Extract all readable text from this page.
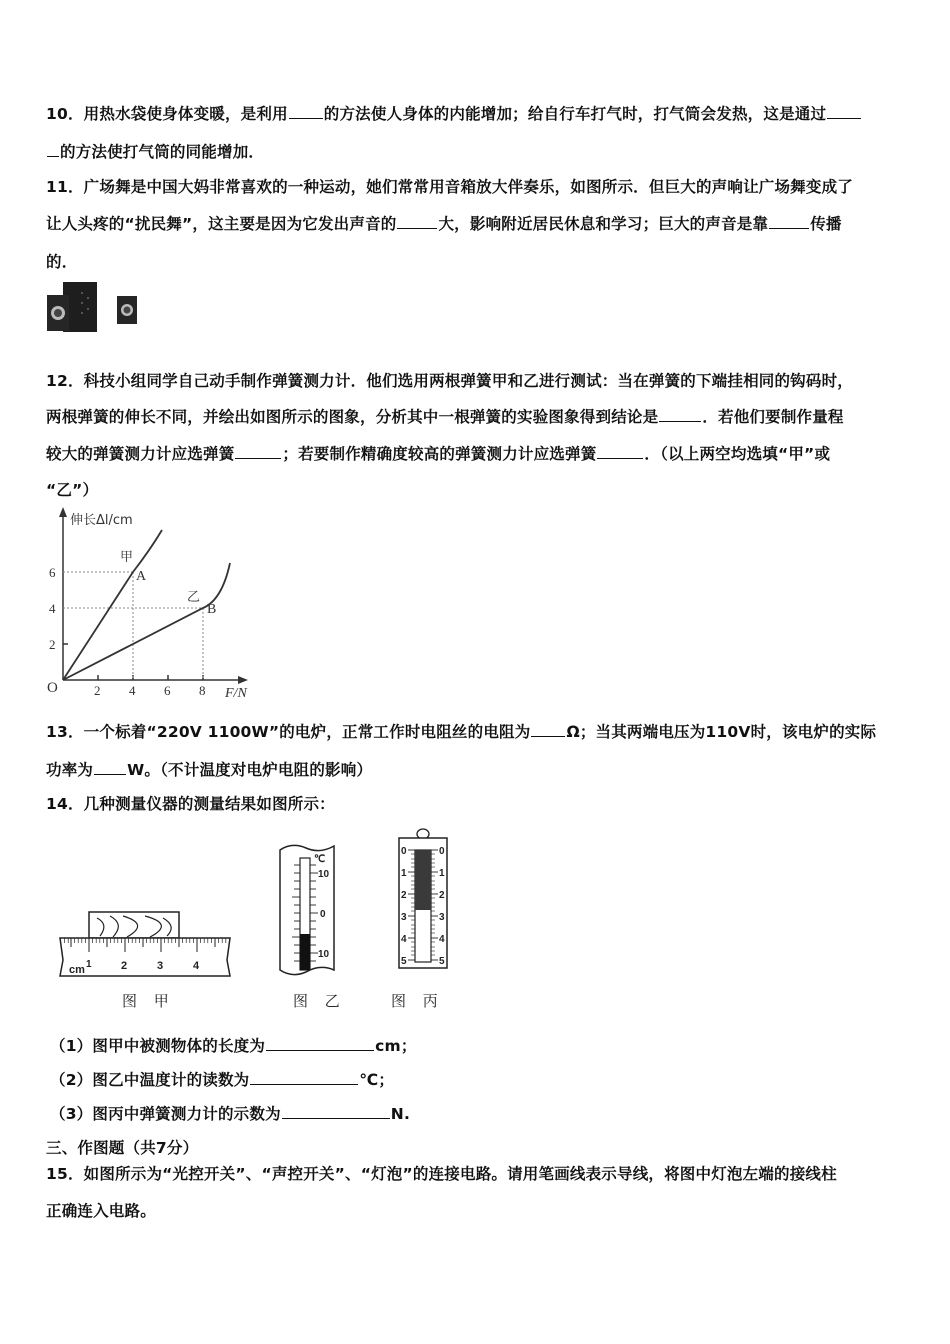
10．用热水袋使身体变暖，是利用 的方法使人身体的内能增加；给自行车打气时，打气筒会发热，这是通过
的方法使打气筒的同能增加．
11．广场舞是中国大妈非常喜欢的一种运动，她们常常用音箱放大伴奏乐，如图所示．但巨大的声响让广场舞变成了
让人头疼的“扰民舞”，这主要是因为它发出声音的	大，影响附近居民休息和学习；巨大的声音是靠	传播
的．
12．科技小组同学自己动手制作弹簧测力计．他们选用两根弹簧甲和乙进行测试：当在弹簧的下端挂相同的钩码时，
两根弹簧的伸长不同，并绘出如图所示的图象，分析其中一根弹簧的实验图象得到结论是	．若他们要制作量程
较大的弹簧测力计应选弹簧	；若要制作精确度较高的弹簧测力计应选弹簧	．（以上两空均选填“甲”或
“乙”）
伸长Δl/cm
甲
A
乙
B
6
4
2
O	2 4 6 8 F/N
13．一个标着“220V 1100W”的电炉，正常工作时电阻丝的电阻为 Ω；当其两端电压为110V时，该电炉的实际
功率为 W。（不计温度对电炉电阻的影响）
14．几种测量仪器的测量结果如图所示：
cm 1	2	3	4
图 甲
℃
10
0
10
图 乙
0	0
1	1
2	2
3	3
4	4
5	5
图 丙
（1）图甲中被测物体的长度为	cm；
（2）图乙中温度计的读数为	℃；
（3）图丙中弹簧测力计的示数为	N.
三、作图题（共7分）
15．如图所示为“光控开关”、“声控开关”、“灯泡”的连接电路。请用笔画线表示导线，将图中灯泡左端的接线柱
正确连入电路。
